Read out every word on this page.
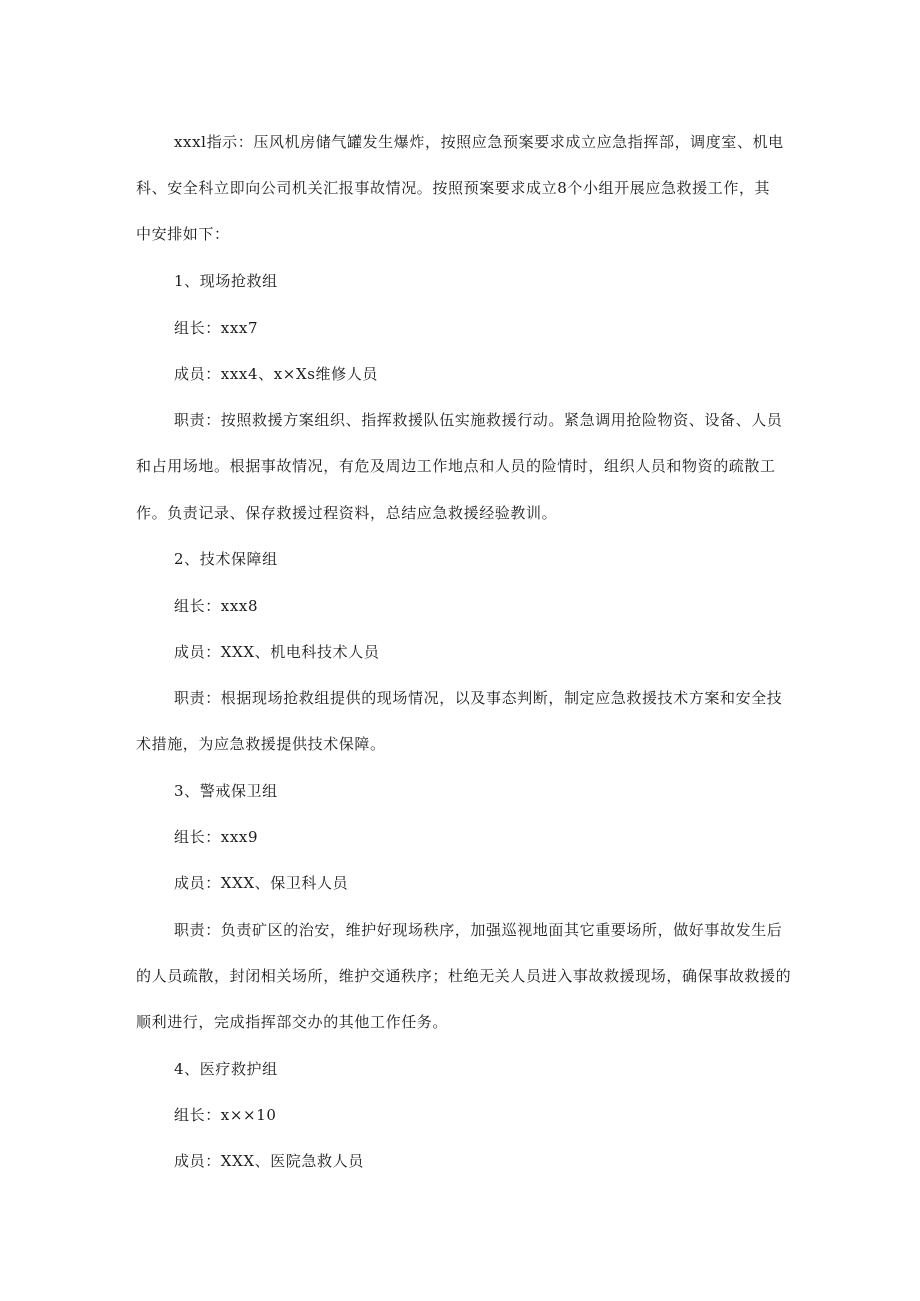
xxxl指示：压风机房储气罐发生爆炸，按照应急预案要求成立应急指挥部，调度室、机电
科、安全科立即向公司机关汇报事故情况。按照预案要求成立8个小组开展应急救援工作，其
中安排如下：
1、现场抢救组
组长：xxx7
成员：xxx4、x×Xs维修人员
职责：按照救援方案组织、指挥救援队伍实施救援行动。紧急调用抢险物资、设备、人员
和占用场地。根据事故情况，有危及周边工作地点和人员的险情时，组织人员和物资的疏散工
作。负责记录、保存救援过程资料，总结应急救援经验教训。
2、技术保障组
组长：xxx8
成员：XXX、机电科技术人员
职责：根据现场抢救组提供的现场情况，以及事态判断，制定应急救援技术方案和安全技
术措施，为应急救援提供技术保障。
3、警戒保卫组
组长：xxx9
成员：XXX、保卫科人员
职责：负责矿区的治安，维护好现场秩序，加强巡视地面其它重要场所，做好事故发生后
的人员疏散，封闭相关场所，维护交通秩序；杜绝无关人员进入事故救援现场，确保事故救援的
顺利进行，完成指挥部交办的其他工作任务。
4、医疗救护组
组长：x××10
成员：XXX、医院急救人员
